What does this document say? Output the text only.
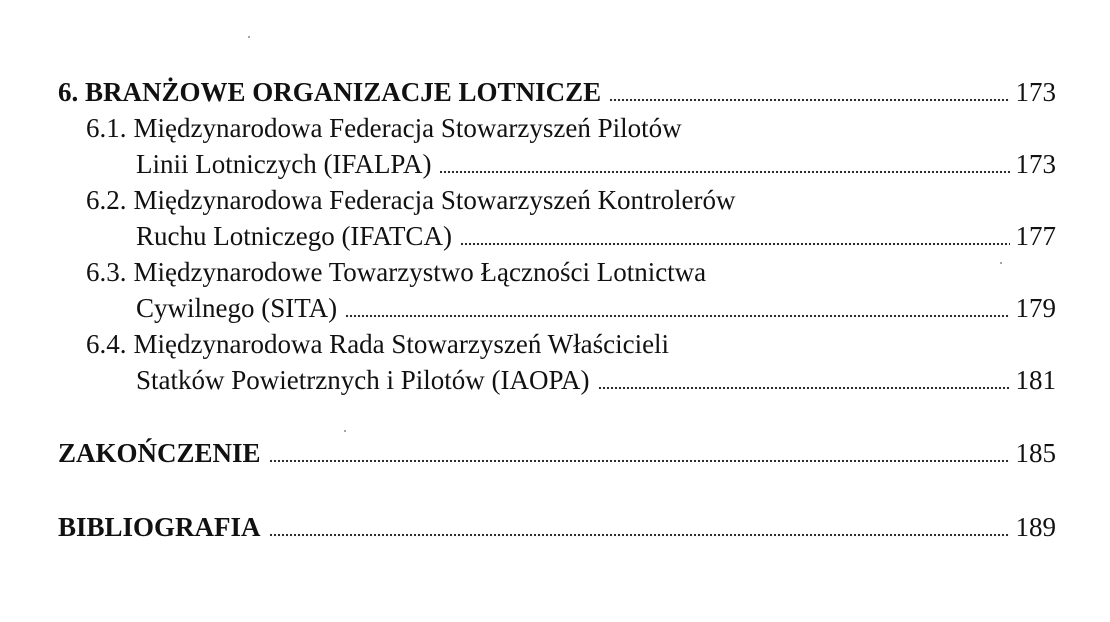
6. BRANŻOWE ORGANIZACJE LOTNICZE	173
6.1. Międzynarodowa Federacja Stowarzyszeń Pilotów
Linii Lotniczych (IFALPA)	173
6.2. Międzynarodowa Federacja Stowarzyszeń Kontrolerów
Ruchu Lotniczego (IFATCA)	177
6.3. Międzynarodowe Towarzystwo Łączności Lotnictwa
Cywilnego (SITA)	179
6.4. Międzynarodowa Rada Stowarzyszeń Właścicieli
Statków Powietrznych i Pilotów (IAOPA)	181
ZAKOŃCZENIE	185
BIBLIOGRAFIA	189
